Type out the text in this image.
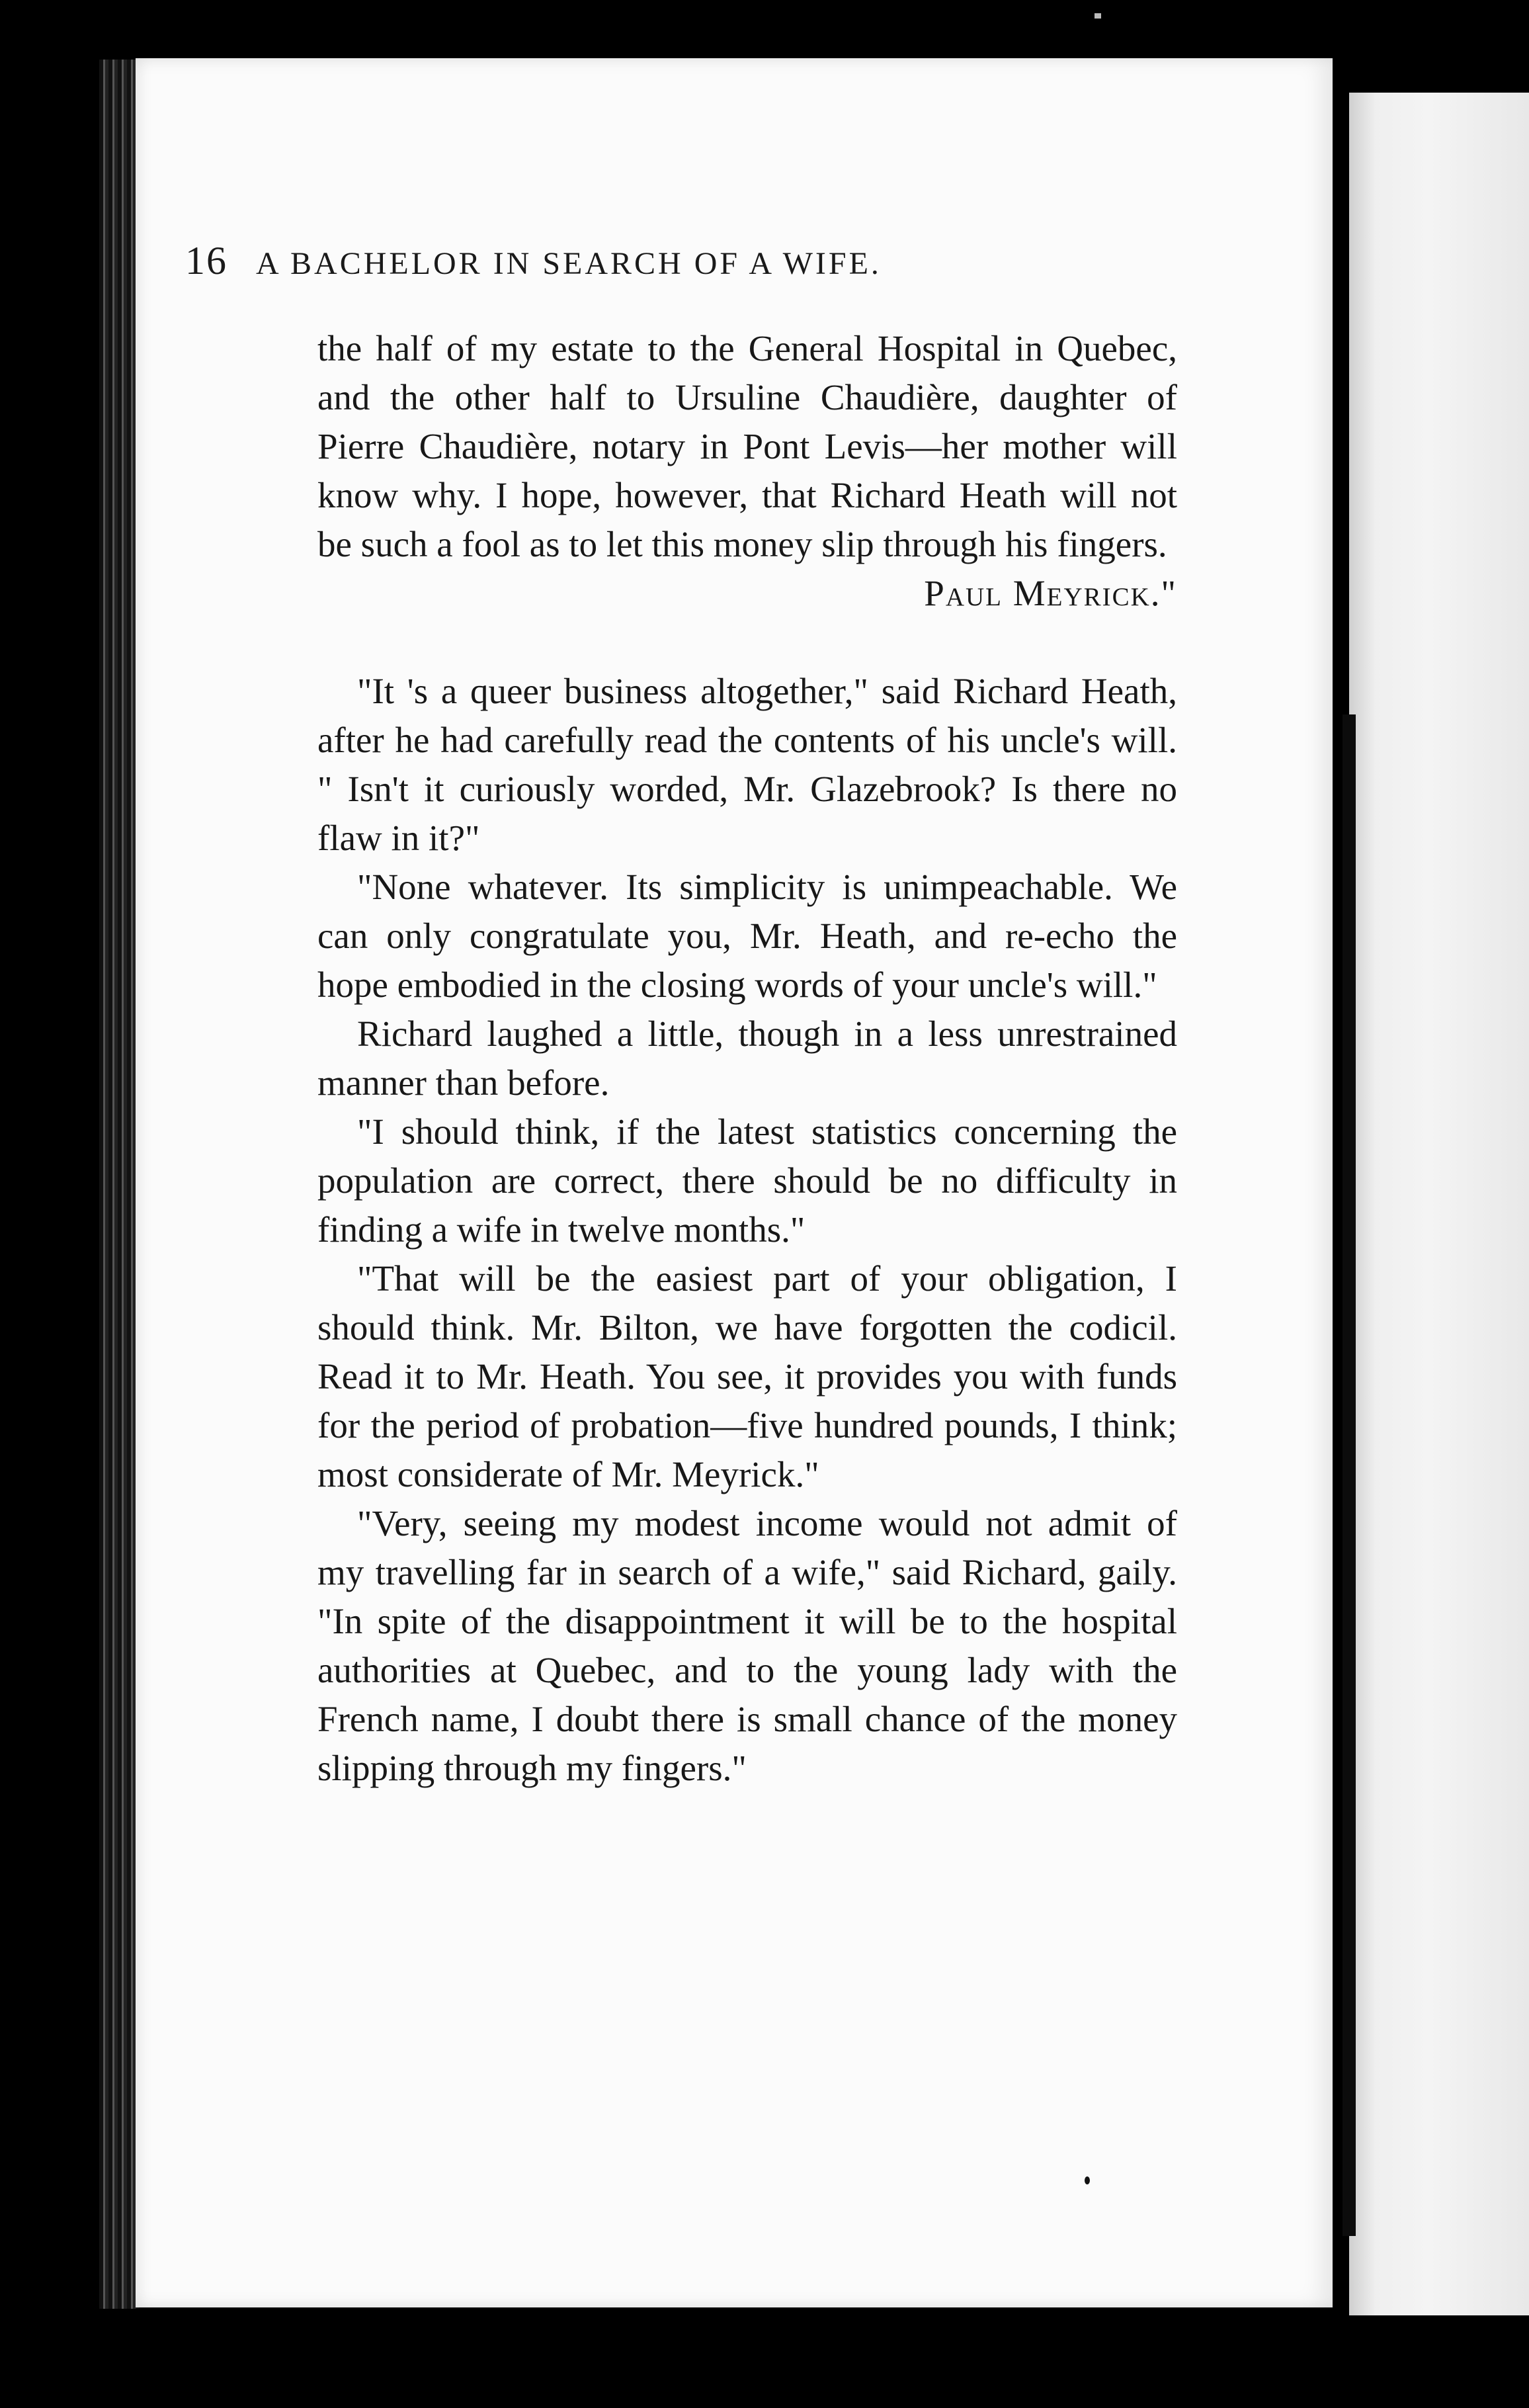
16 A BACHELOR IN SEARCH OF A WIFE.

the half of my estate to the General Hospital in Quebec, and the other half to Ursuline Chaudière, daughter of Pierre Chaudière, notary in Pont Levis—her mother will know why. I hope, however, that Richard Heath will not be such a fool as to let this money slip through his fingers.

Paul Meyrick."

"It 's a queer business altogether," said Richard Heath, after he had carefully read the contents of his uncle's will. " Isn't it curiously worded, Mr. Glazebrook? Is there no flaw in it?"

"None whatever. Its simplicity is unimpeachable. We can only congratulate you, Mr. Heath, and re-echo the hope embodied in the closing words of your uncle's will."

Richard laughed a little, though in a less unrestrained manner than before.

"I should think, if the latest statistics concerning the population are correct, there should be no difficulty in finding a wife in twelve months."

"That will be the easiest part of your obligation, I should think. Mr. Bilton, we have forgotten the codicil. Read it to Mr. Heath. You see, it provides you with funds for the period of probation—five hundred pounds, I think; most considerate of Mr. Meyrick."

"Very, seeing my modest income would not admit of my travelling far in search of a wife," said Richard, gaily. "In spite of the disappointment it will be to the hospital authorities at Quebec, and to the young lady with the French name, I doubt there is small chance of the money slipping through my fingers."
